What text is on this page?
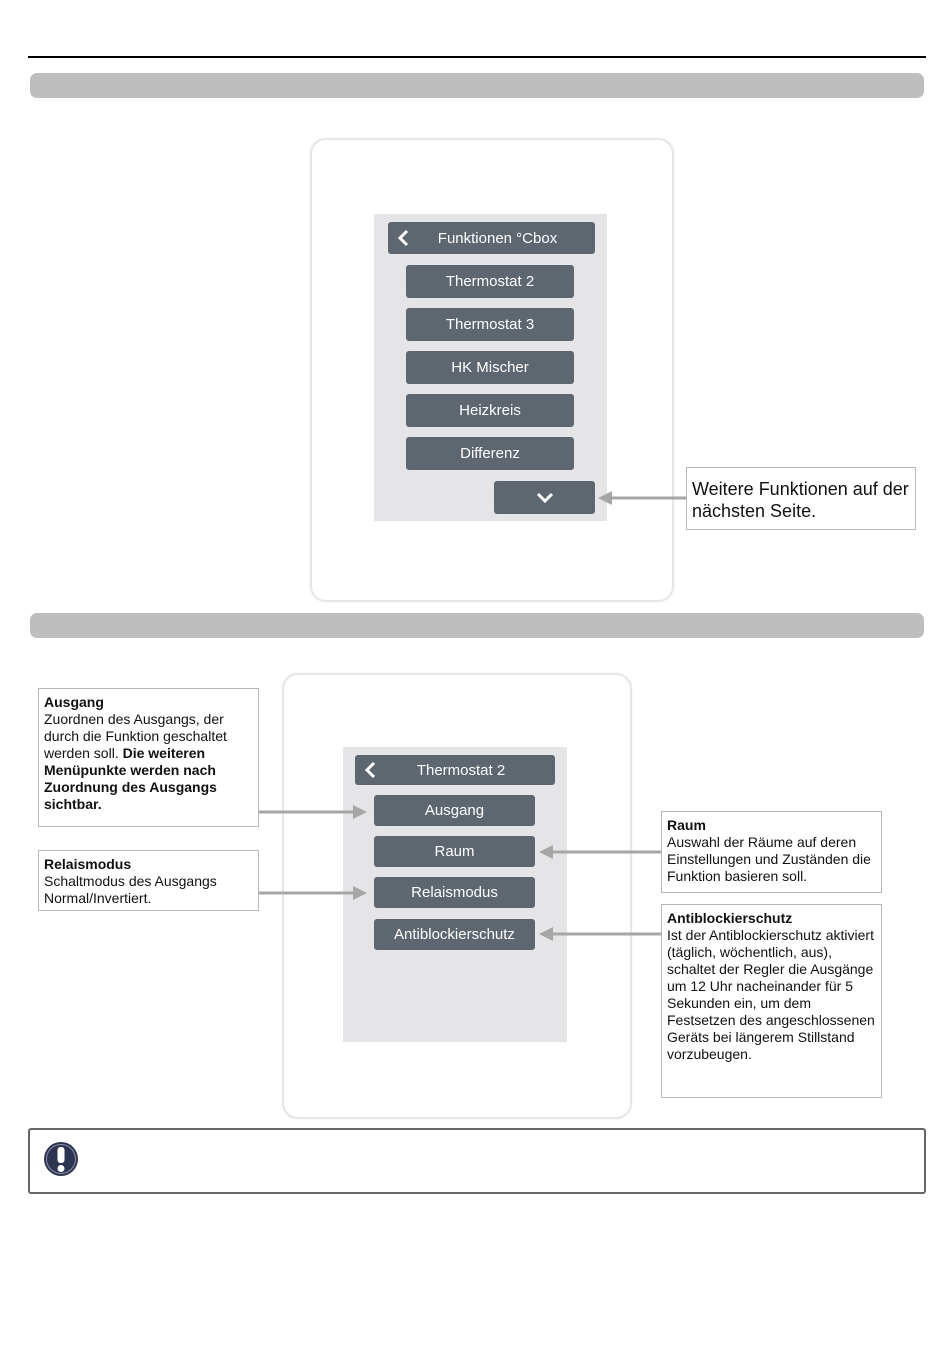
Funktionen °Cbox
Thermostat 2
Thermostat 3
HK Mischer
Heizkreis
Differenz
Weitere Funktionen auf der nächsten Seite.
Thermostat 2
Ausgang
Raum
Relaismodus
Antiblockierschutz
Ausgang
Zuordnen des Ausgangs, der durch die Funktion geschaltet werden soll. Die weiteren Menüpunkte werden nach Zuordnung des Ausgangs sichtbar.
Relaismodus
Schaltmodus des Ausgangs Normal/Invertiert.
Raum
Auswahl der Räume auf deren Einstellungen und Zuständen die Funktion basieren soll.
Antiblockierschutz
Ist der Antiblockierschutz aktiviert (täglich, wöchentlich, aus), schaltet der Regler die Ausgänge um 12 Uhr nacheinander für 5 Sekunden ein, um dem Festsetzen des angeschlossenen Geräts bei längerem Stillstand vorzubeugen.
